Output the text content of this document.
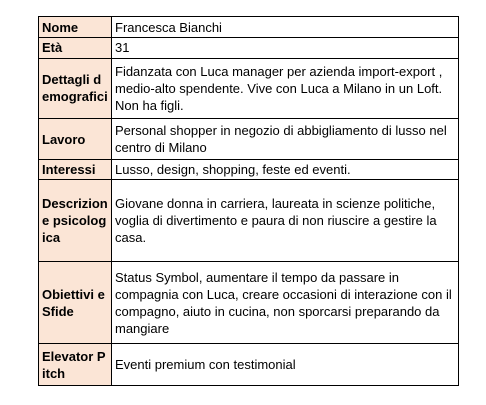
Nome	Francesca Bianchi
Età	31
Dettagli demografici	Fidanzata con Luca manager per azienda import-export , medio-alto spendente. Vive con Luca a Milano in un Loft. Non ha figli.
Lavoro	Personal shopper in negozio di abbigliamento di lusso nel centro di Milano
Interessi	Lusso, design, shopping, feste ed eventi.
Descrizione psicologica	Giovane donna in carriera, laureata in scienze politiche, voglia di divertimento e paura di non riuscire a gestire la casa.
Obiettivi e Sfide	Status Symbol, aumentare il tempo da passare in compagnia con Luca, creare occasioni di interazione con il compagno, aiuto in cucina, non sporcarsi preparando da mangiare
Elevator Pitch	Eventi premium con testimonial
